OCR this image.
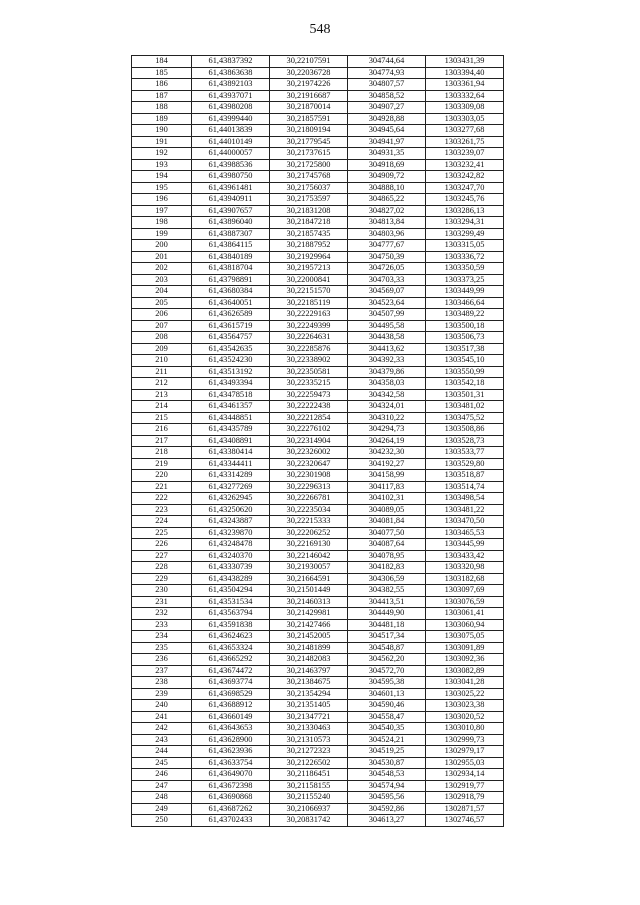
548
184	61,43837392	30,22107591	304744,64	1303431,39
185	61,43863638	30,22036728	304774,93	1303394,40
186	61,43892103	30,21974226	304807,57	1303361,94
187	61,43937071	30,21916687	304858,52	1303332,64
188	61,43980208	30,21870014	304907,27	1303309,08
189	61,43999440	30,21857591	304928,88	1303303,05
190	61,44013839	30,21809194	304945,64	1303277,68
191	61,44010149	30,21779545	304941,97	1303261,75
192	61,44000057	30,21737615	304931,35	1303239,07
193	61,43988536	30,21725800	304918,69	1303232,41
194	61,43980750	30,21745768	304909,72	1303242,82
195	61,43961481	30,21756037	304888,10	1303247,70
196	61,43940911	30,21753597	304865,22	1303245,76
197	61,43907657	30,21831208	304827,02	1303286,13
198	61,43896040	30,21847218	304813,84	1303294,31
199	61,43887307	30,21857435	304803,96	1303299,49
200	61,43864115	30,21887952	304777,67	1303315,05
201	61,43840189	30,21929964	304750,39	1303336,72
202	61,43818704	30,21957213	304726,05	1303350,59
203	61,43798891	30,22000841	304703,33	1303373,25
204	61,43680384	30,22151570	304569,07	1303449,99
205	61,43640051	30,22185119	304523,64	1303466,64
206	61,43626589	30,22229163	304507,99	1303489,22
207	61,43615719	30,22249399	304495,58	1303500,18
208	61,43564757	30,22264631	304438,58	1303506,73
209	61,43542635	30,22285876	304413,62	1303517,38
210	61,43524230	30,22338902	304392,33	1303545,10
211	61,43513192	30,22350581	304379,86	1303550,99
212	61,43493394	30,22335215	304358,03	1303542,18
213	61,43478518	30,22259473	304342,58	1303501,31
214	61,43461357	30,22222438	304324,01	1303481,02
215	61,43448851	30,22212854	304310,22	1303475,52
216	61,43435789	30,22276102	304294,73	1303508,86
217	61,43408891	30,22314904	304264,19	1303528,73
218	61,43380414	30,22326002	304232,30	1303533,77
219	61,43344411	30,22320647	304192,27	1303529,80
220	61,43314289	30,22301908	304158,99	1303518,87
221	61,43277269	30,22296313	304117,83	1303514,74
222	61,43262945	30,22266781	304102,31	1303498,54
223	61,43250620	30,22235034	304089,05	1303481,22
224	61,43243887	30,22215333	304081,84	1303470,50
225	61,43239870	30,22206252	304077,50	1303465,53
226	61,43248478	30,22169130	304087,64	1303445,99
227	61,43240370	30,22146042	304078,95	1303433,42
228	61,43330739	30,21930057	304182,83	1303320,98
229	61,43438289	30,21664591	304306,59	1303182,68
230	61,43504294	30,21501449	304382,55	1303097,69
231	61,43531534	30,21460313	304413,51	1303076,59
232	61,43563794	30,21429981	304449,90	1303061,41
233	61,43591838	30,21427466	304481,18	1303060,94
234	61,43624623	30,21452005	304517,34	1303075,05
235	61,43653324	30,21481899	304548,87	1303091,89
236	61,43665292	30,21482083	304562,20	1303092,36
237	61,43674472	30,21463797	304572,70	1303082,89
238	61,43693774	30,21384675	304595,38	1303041,28
239	61,43698529	30,21354294	304601,13	1303025,22
240	61,43688912	30,21351405	304590,46	1303023,38
241	61,43660149	30,21347721	304558,47	1303020,52
242	61,43643653	30,21330463	304540,35	1303010,80
243	61,43628900	30,21310573	304524,21	1302999,73
244	61,43623936	30,21272323	304519,25	1302979,17
245	61,43633754	30,21226502	304530,87	1302955,03
246	61,43649070	30,21186451	304548,53	1302934,14
247	61,43672398	30,21158155	304574,94	1302919,77
248	61,43690868	30,21155240	304595,56	1302918,79
249	61,43687262	30,21066937	304592,86	1302871,57
250	61,43702433	30,20831742	304613,27	1302746,57
